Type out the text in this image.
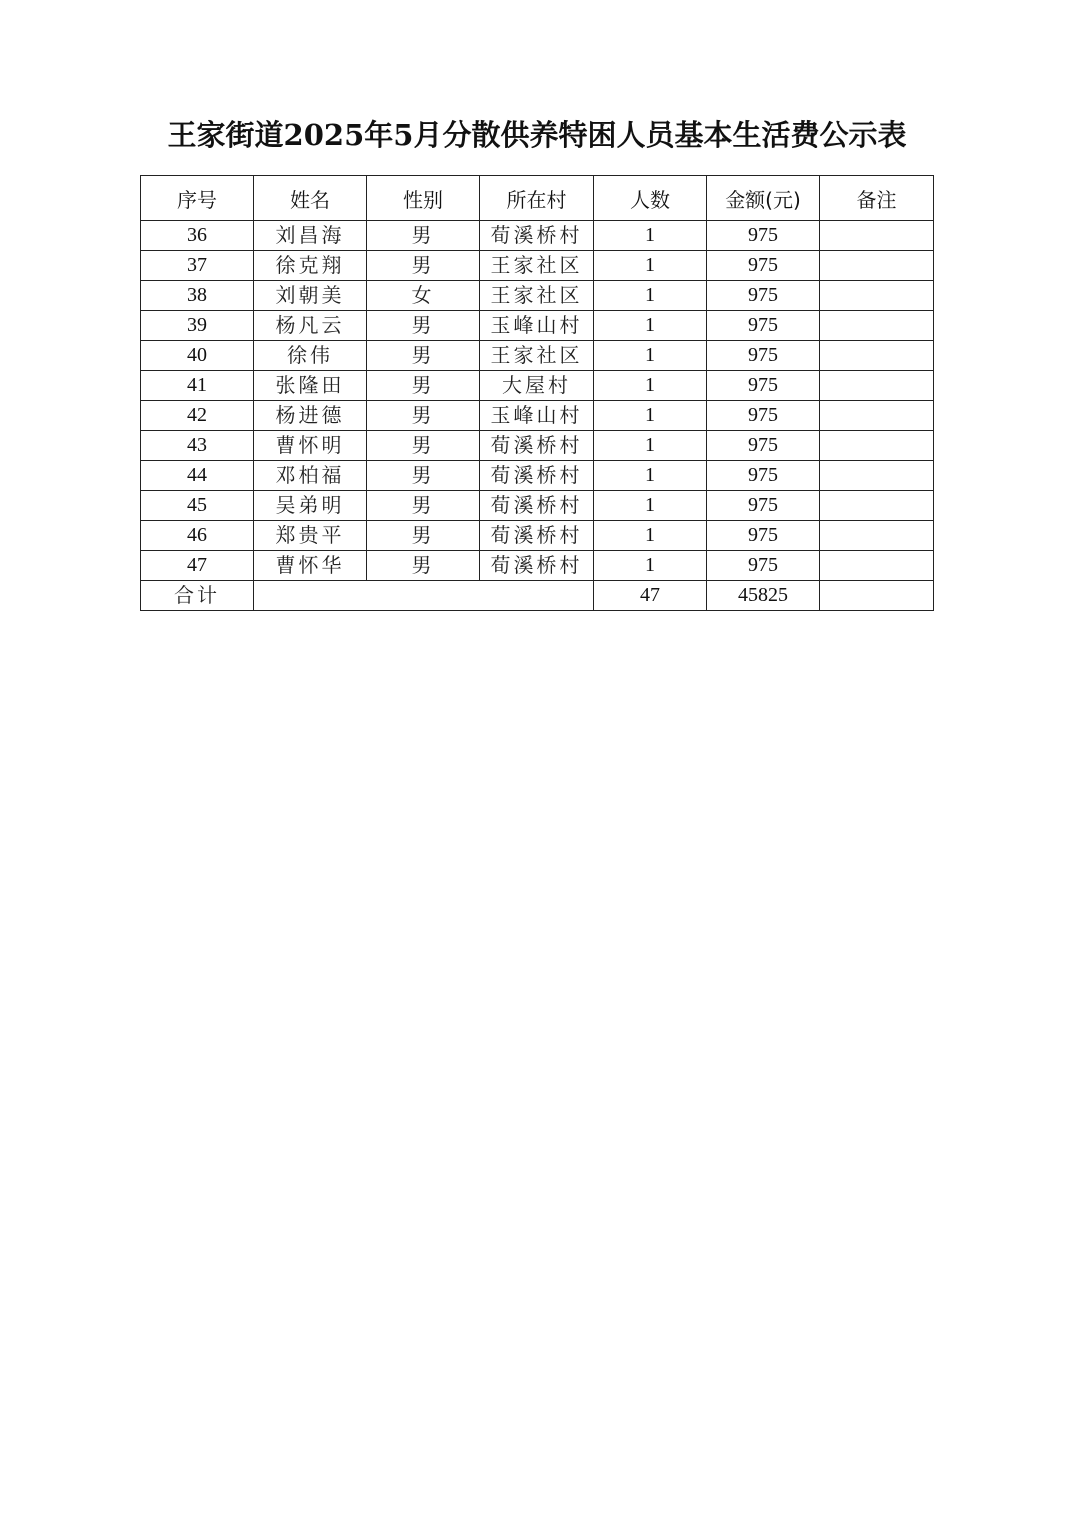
王家街道2025年5月分散供养特困人员基本生活费公示表
序号	姓名	性别	所在村	人数	金额(元)	备注
36	刘昌海	男	荀溪桥村	1	975	
37	徐克翔	男	王家社区	1	975	
38	刘朝美	女	王家社区	1	975	
39	杨凡云	男	玉峰山村	1	975	
40	徐伟	男	王家社区	1	975	
41	张隆田	男	大屋村	1	975	
42	杨进德	男	玉峰山村	1	975	
43	曹怀明	男	荀溪桥村	1	975	
44	邓柏福	男	荀溪桥村	1	975	
45	吴弟明	男	荀溪桥村	1	975	
46	郑贵平	男	荀溪桥村	1	975	
47	曹怀华	男	荀溪桥村	1	975	
合计				47	45825	
